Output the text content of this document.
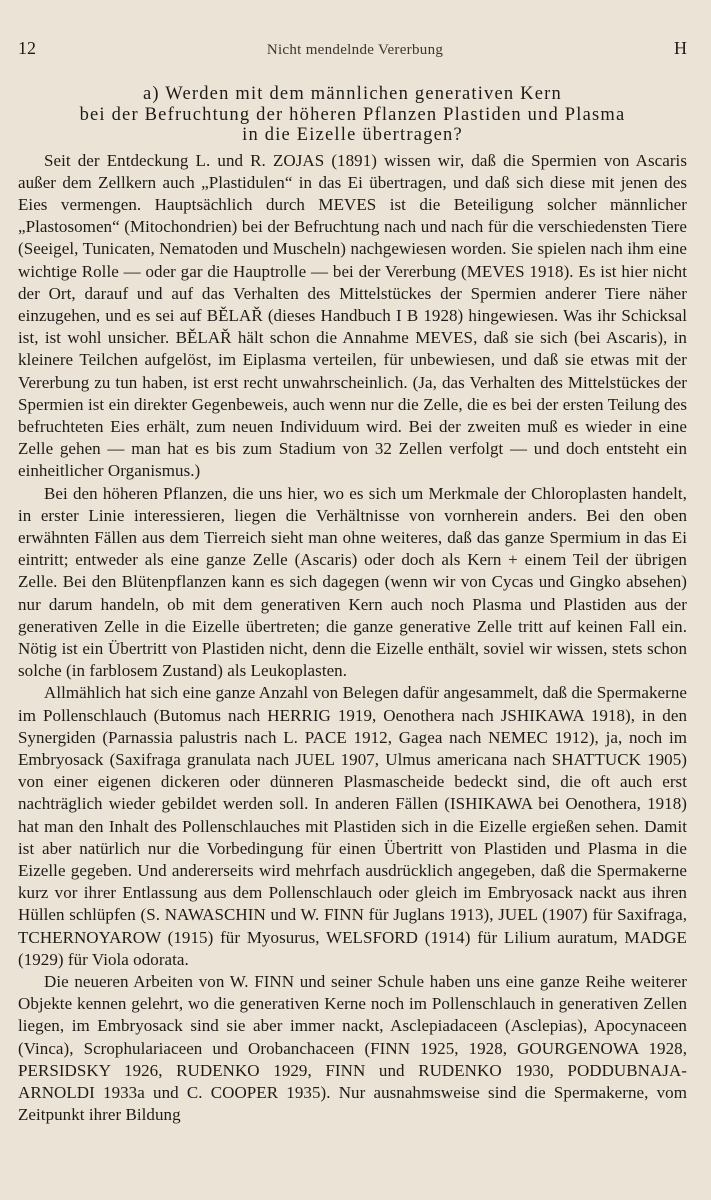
12	Nicht mendelnde Vererbung	H
a) Werden mit dem männlichen generativen Kern
bei der Befruchtung der höheren Pflanzen Plastiden und Plasma
in die Eizelle übertragen?

Seit der Entdeckung L. und R. ZOJAS (1891) wissen wir, daß die Spermien von Ascaris außer dem Zellkern auch „Plastidulen“ in das Ei übertragen, und daß sich diese mit jenen des Eies vermengen. Hauptsächlich durch MEVES ist die Beteiligung solcher männlicher „Plastosomen“ (Mitochondrien) bei der Befruchtung nach und nach für die verschiedensten Tiere (Seeigel, Tunicaten, Nematoden und Muscheln) nachgewiesen worden. Sie spielen nach ihm eine wichtige Rolle — oder gar die Hauptrolle — bei der Vererbung (MEVES 1918). Es ist hier nicht der Ort, darauf und auf das Verhalten des Mittelstückes der Spermien anderer Tiere näher einzugehen, und es sei auf BĚLAŘ (dieses Handbuch I B 1928) hingewiesen. Was ihr Schicksal ist, ist wohl unsicher. BĚLAŘ hält schon die Annahme MEVES, daß sie sich (bei Ascaris), in kleinere Teilchen aufgelöst, im Eiplasma verteilen, für unbewiesen, und daß sie etwas mit der Vererbung zu tun haben, ist erst recht unwahrscheinlich. (Ja, das Verhalten des Mittelstückes der Spermien ist ein direkter Gegenbeweis, auch wenn nur die Zelle, die es bei der ersten Teilung des befruchteten Eies erhält, zum neuen Individuum wird. Bei der zweiten muß es wieder in eine Zelle gehen — man hat es bis zum Stadium von 32 Zellen verfolgt — und doch entsteht ein einheitlicher Organismus.)

Bei den höheren Pflanzen, die uns hier, wo es sich um Merkmale der Chloroplasten handelt, in erster Linie interessieren, liegen die Verhältnisse von vornherein anders. Bei den oben erwähnten Fällen aus dem Tierreich sieht man ohne weiteres, daß das ganze Spermium in das Ei eintritt; entweder als eine ganze Zelle (Ascaris) oder doch als Kern + einem Teil der übrigen Zelle. Bei den Blütenpflanzen kann es sich dagegen (wenn wir von Cycas und Gingko absehen) nur darum handeln, ob mit dem generativen Kern auch noch Plasma und Plastiden aus der generativen Zelle in die Eizelle übertreten; die ganze generative Zelle tritt auf keinen Fall ein. Nötig ist ein Übertritt von Plastiden nicht, denn die Eizelle enthält, soviel wir wissen, stets schon solche (in farblosem Zustand) als Leukoplasten.

Allmählich hat sich eine ganze Anzahl von Belegen dafür angesammelt, daß die Spermakerne im Pollenschlauch (Butomus nach HERRIG 1919, Oenothera nach JSHIKAWA 1918), in den Synergiden (Parnassia palustris nach L. PACE 1912, Gagea nach NEMEC 1912), ja, noch im Embryosack (Saxifraga granulata nach JUEL 1907, Ulmus americana nach SHATTUCK 1905) von einer eigenen dickeren oder dünneren Plasmascheide bedeckt sind, die oft auch erst nachträglich wieder gebildet werden soll. In anderen Fällen (ISHIKAWA bei Oenothera, 1918) hat man den Inhalt des Pollenschlauches mit Plastiden sich in die Eizelle ergießen sehen. Damit ist aber natürlich nur die Vorbedingung für einen Übertritt von Plastiden und Plasma in die Eizelle gegeben. Und andererseits wird mehrfach ausdrücklich angegeben, daß die Spermakerne kurz vor ihrer Entlassung aus dem Pollenschlauch oder gleich im Embryosack nackt aus ihren Hüllen schlüpfen (S. NAWASCHIN und W. FINN für Juglans 1913), JUEL (1907) für Saxifraga, TCHERNOYAROW (1915) für Myosurus, WELSFORD (1914) für Lilium auratum, MADGE (1929) für Viola odorata.

Die neueren Arbeiten von W. FINN und seiner Schule haben uns eine ganze Reihe weiterer Objekte kennen gelehrt, wo die generativen Kerne noch im Pollenschlauch in generativen Zellen liegen, im Embryosack sind sie aber immer nackt, Asclepiadaceen (Asclepias), Apocynaceen (Vinca), Scrophulariaceen und Orobanchaceen (FINN 1925, 1928, GOURGENOWA 1928, PERSIDSKY 1926, RUDENKO 1929, FINN und RUDENKO 1930, PODDUBNAJA-ARNOLDI 1933a und C. COOPER 1935). Nur ausnahmsweise sind die Spermakerne, vom Zeitpunkt ihrer Bildung
